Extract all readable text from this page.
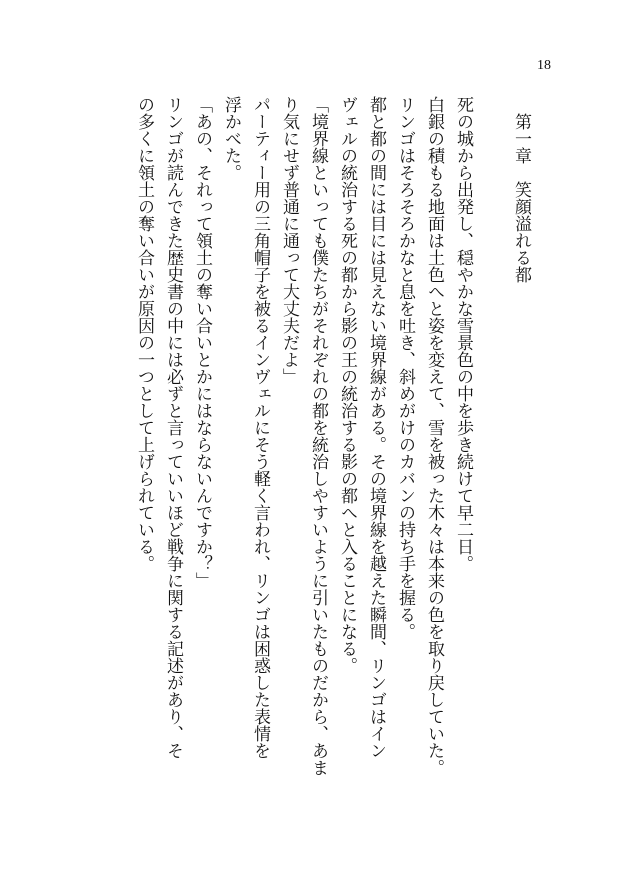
18
第一章　笑顔溢れる都
死の城から出発し、穏やかな雪景色の中を歩き続けて早二日。
白銀の積もる地面は土色へと姿を変えて、雪を被った木々は本来の色を取り戻していた。
リンゴはそろそろかなと息を吐き、斜めがけのカバンの持ち手を握る。
都と都の間には目には見えない境界線がある。その境界線を越えた瞬間、リンゴはイン
ヴェルの統治する死の都から影の王の統治する影の都へと入ることになる。
「境界線といっても僕たちがそれぞれの都を統治しやすいように引いたものだから、あま
り気にせず普通に通って大丈夫だよ」
パーティー用の三角帽子を被るインヴェルにそう軽く言われ、リンゴは困惑した表情を
浮かべた。
「あの、それって領土の奪い合いとかにはならないんですか？」
リンゴが読んできた歴史書の中には必ずと言っていいほど戦争に関する記述があり、そ
の多くに領土の奪い合いが原因の一つとして上げられている。
